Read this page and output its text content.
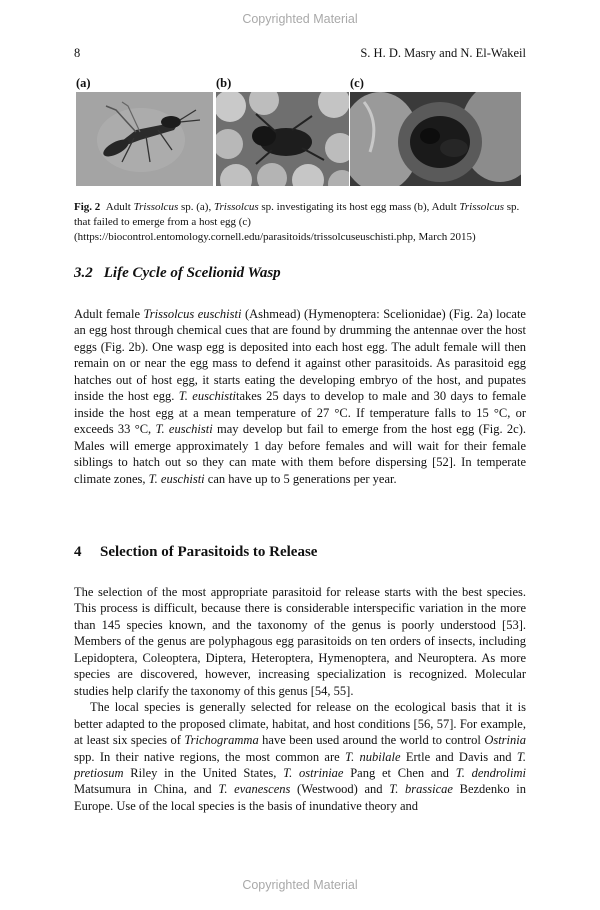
Copyrighted Material
8	S. H. D. Masry and N. El-Wakeil
(a)	(b)	(c)
Fig. 2 Adult Trissolcus sp. (a), Trissolcus sp. investigating its host egg mass (b), Adult Trissolcus sp. that failed to emerge from a host egg (c) (https://biocontrol.entomology.cornell.edu/parasitoids/trissolcuseuschisti.php, March 2015)
3.2 Life Cycle of Scelionid Wasp

Adult female Trissolcus euschisti (Ashmead) (Hymenoptera: Scelionidae) (Fig. 2a) locate an egg host through chemical cues that are found by drumming the antennae over the host eggs (Fig. 2b). One wasp egg is deposited into each host egg. The adult female will then remain on or near the egg mass to defend it against other parasitoids. As parasitoid egg hatches out of host egg, it starts eating the developing embryo of the host, and pupates inside the host egg. T. euschistitakes 25 days to develop to male and 30 days to female inside the host egg at a mean temperature of 27 °C. If temperature falls to 15 °C, or exceeds 33 °C, T. euschisti may develop but fail to emerge from the host egg (Fig. 2c). Males will emerge approximately 1 day before females and will wait for their female siblings to hatch out so they can mate with them before dispersing [52]. In temperate climate zones, T. euschisti can have up to 5 generations per year.

4 Selection of Parasitoids to Release

The selection of the most appropriate parasitoid for release starts with the best species. This process is difficult, because there is considerable interspecific variation in the more than 145 species known, and the taxonomy of the genus is poorly understood [53]. Members of the genus are polyphagous egg parasitoids on ten orders of insects, including Lepidoptera, Coleoptera, Diptera, Heteroptera, Hymenoptera, and Neuroptera. As more species are discovered, however, increasing specialization is recognized. Molecular studies help clarify the taxonomy of this genus [54, 55].

The local species is generally selected for release on the ecological basis that it is better adapted to the proposed climate, habitat, and host conditions [56, 57]. For example, at least six species of Trichogramma have been used around the world to control Ostrinia spp. In their native regions, the most common are T. nubilale Ertle and Davis and T. pretiosum Riley in the United States, T. ostriniae Pang et Chen and T. dendrolimi Matsumura in China, and T. evanescens (Westwood) and T. brassicae Bezdenko in Europe. Use of the local species is the basis of inundative theory and

Copyrighted Material
